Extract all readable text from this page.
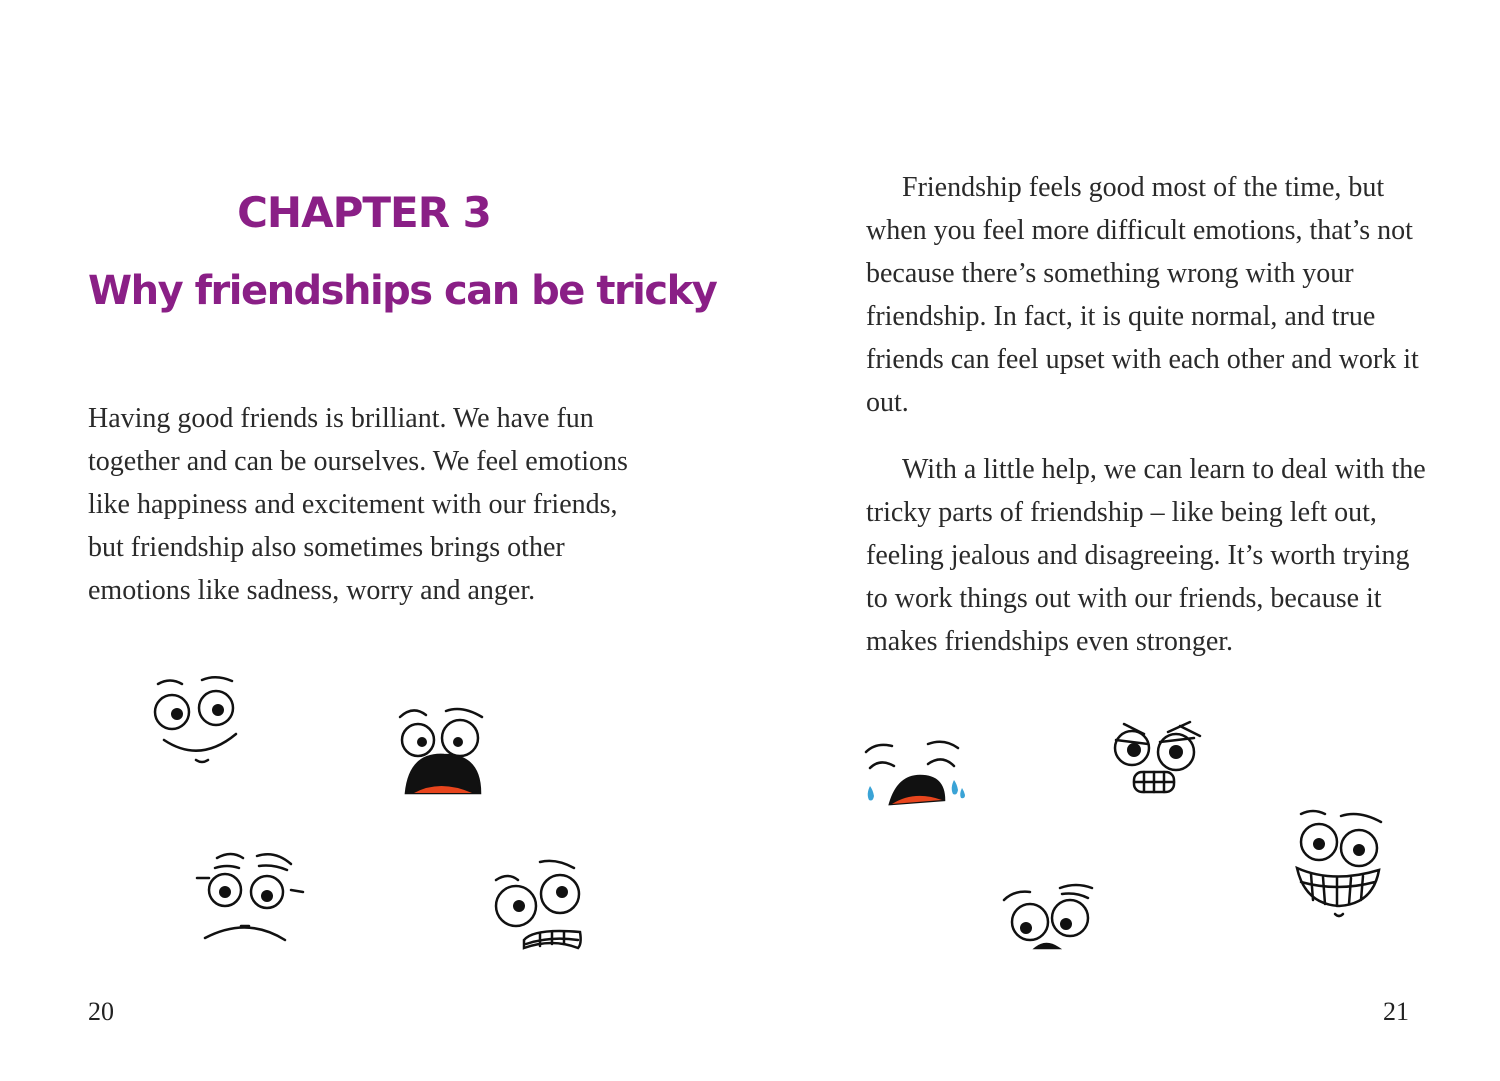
CHAPTER 3
Why friendships can be tricky

Having good friends is brilliant. We have fun together and can be ourselves. We feel emotions like happiness and excitement with our friends, but friendship also sometimes brings other emotions like sadness, worry and anger.

20

Friendship feels good most of the time, but when you feel more difficult emotions, that’s not because there’s something wrong with your friendship. In fact, it is quite normal, and true friends can feel upset with each other and work it out.

With a little help, we can learn to deal with the tricky parts of friendship – like being left out, feeling jealous and disagreeing. It’s worth trying to work things out with our friends, because it makes friendships even stronger.

21
